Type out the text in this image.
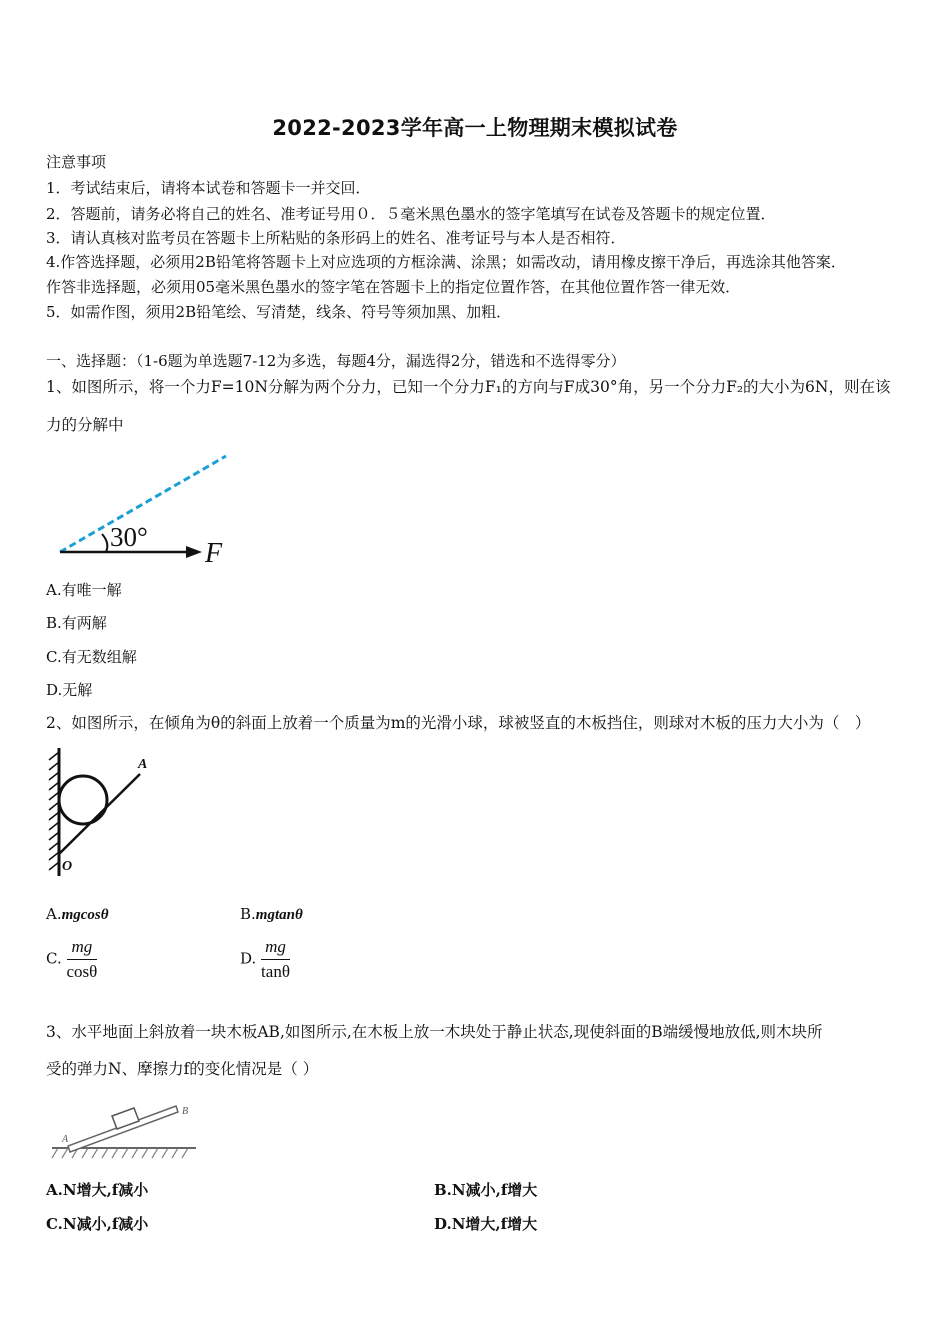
2022-2023学年高一上物理期末模拟试卷
注意事项
1．考试结束后，请将本试卷和答题卡一并交回．
2．答题前，请务必将自己的姓名、准考证号用０．５毫米黑色墨水的签字笔填写在试卷及答题卡的规定位置．
3．请认真核对监考员在答题卡上所粘贴的条形码上的姓名、准考证号与本人是否相符．
4.作答选择题，必须用2B铅笔将答题卡上对应选项的方框涂满、涂黑；如需改动，请用橡皮擦干净后，再选涂其他答案．
作答非选择题，必须用05毫米黑色墨水的签字笔在答题卡上的指定位置作答，在其他位置作答一律无效．
5．如需作图，须用2B铅笔绘、写清楚，线条、符号等须加黑、加粗．
一、选择题：（1-6题为单选题7-12为多选，每题4分，漏选得2分，错选和不选得零分）
1、如图所示，将一个力F=10N分解为两个分力，已知一个分力F₁的方向与F成30°角，另一个分力F₂的大小为6N，则在该
力的分解中
30°
F
A.有唯一解
B.有两解
C.有无数组解
D.无解
2、如图所示，在倾角为θ的斜面上放着一个质量为m的光滑小球，球被竖直的木板挡住，则球对木板的压力大小为（　）
A
O
A.mgcosθ	B.mgtanθ
C. $\frac{mg}{\cos\theta}$	D. $\frac{mg}{\tan\theta}$
3、水平地面上斜放着一块木板AB,如图所示,在木板上放一木块处于静止状态,现使斜面的B端缓慢地放低,则木块所
受的弹力N、摩擦力f的变化情况是（ ）
A
B
A.N增大,f减小	B.N减小,f增大
C.N减小,f减小	D.N增大,f增大
